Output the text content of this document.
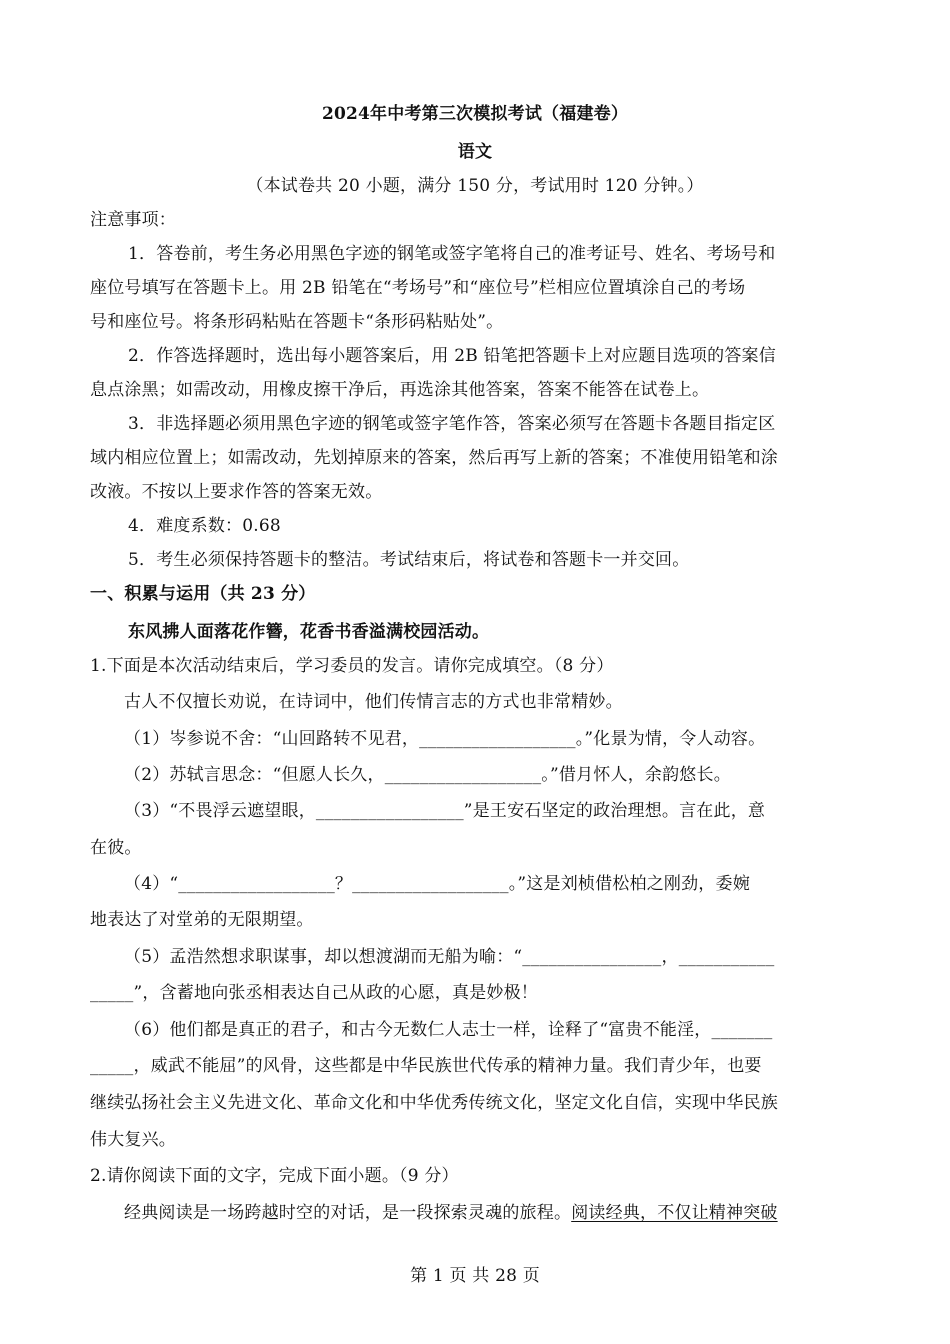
2024年中考第三次模拟考试（福建卷）
语文
（本试卷共 20 小题，满分 150 分，考试用时 120 分钟。）
注意事项：
1．答卷前，考生务必用黑色字迹的钢笔或签字笔将自己的准考证号、姓名、考场号和
座位号填写在答题卡上。用 2B 铅笔在“考场号”和“座位号”栏相应位置填涂自己的考场
号和座位号。将条形码粘贴在答题卡“条形码粘贴处”。
2．作答选择题时，选出每小题答案后，用 2B 铅笔把答题卡上对应题目选项的答案信
息点涂黑；如需改动，用橡皮擦干净后，再选涂其他答案，答案不能答在试卷上。
3．非选择题必须用黑色字迹的钢笔或签字笔作答，答案必须写在答题卡各题目指定区
域内相应位置上；如需改动，先划掉原来的答案，然后再写上新的答案；不准使用铅笔和涂
改液。不按以上要求作答的答案无效。
4．难度系数：0.68
5．考生必须保持答题卡的整洁。考试结束后，将试卷和答题卡一并交回。
一、积累与运用（共 23 分）
东风拂人面落花作簪，花香书香溢满校园活动。
1.下面是本次活动结束后，学习委员的发言。请你完成填空。（8 分）
古人不仅擅长劝说，在诗词中，他们传情言志的方式也非常精妙。
（1）岑参说不舍：“山回路转不见君，__________________。”化景为情，令人动容。
（2）苏轼言思念：“但愿人长久，__________________。”借月怀人，余韵悠长。
（3）“不畏浮云遮望眼，_________________”是王安石坚定的政治理想。言在此，意
在彼。
（4）“__________________？__________________。”这是刘桢借松柏之刚劲，委婉
地表达了对堂弟的无限期望。
（5）孟浩然想求职谋事，却以想渡湖而无船为喻：“________________，___________
_____”，含蓄地向张丞相表达自己从政的心愿，真是妙极！
（6）他们都是真正的君子，和古今无数仁人志士一样，诠释了“富贵不能淫，_______
_____，威武不能屈”的风骨，这些都是中华民族世代传承的精神力量。我们青少年，也要
继续弘扬社会主义先进文化、革命文化和中华优秀传统文化，坚定文化自信，实现中华民族
伟大复兴。
2.请你阅读下面的文字，完成下面小题。（9 分）
经典阅读是一场跨越时空的对话，是一段探索灵魂的旅程。阅读经典，不仅让精神突破
第 1 页 共 28 页
